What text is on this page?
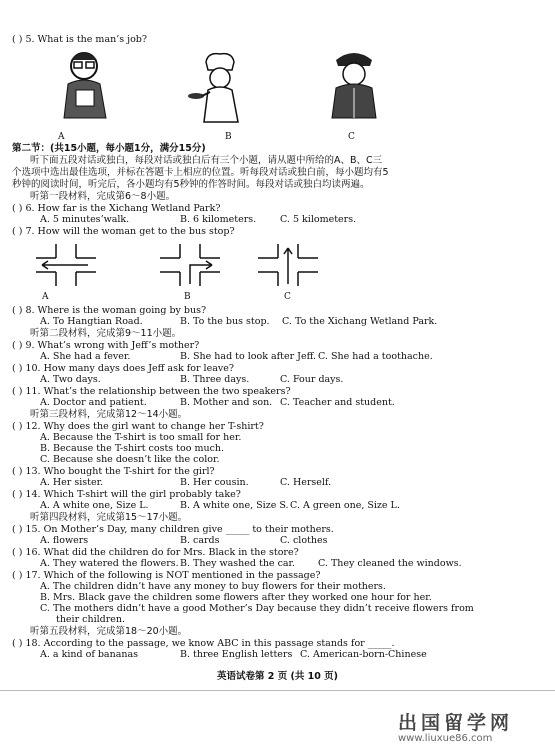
( ) 5. What is the man’s job?
A	B	C
第二节：(共15小题，每小题1分，满分15分)
听下面五段对话或独白，每段对话或独白后有三个小题，请从题中所给的A、B、C三
个选项中选出最佳选项，并标在答题卡上相应的位置。听每段对话或独白前，每小题均有5
秒钟的阅读时间，听完后，各小题均有5秒钟的作答时间。每段对话或独白均读两遍。
听第一段材料，完成第6～8小题。
( ) 6. How far is the Xichang Wetland Park?
A. 5 minutes’walk.	B. 6 kilometers.	C. 5 kilometers.
( ) 7. How will the woman get to the bus stop?
A	B	C
( ) 8. Where is the woman going by bus?
A. To Hangtian Road.	B. To the bus stop. C. To the Xichang Wetland Park.
听第二段材料，完成第9～11小题。
( ) 9. What’s wrong with Jeff’s mother?
A. She had a fever.	B. She had to look after Jeff. C. She had a toothache.
( ) 10. How many days does Jeff ask for leave?
A. Two days.	B. Three days.	C. Four days.
( ) 11. What’s the relationship between the two speakers?
A. Doctor and patient.	B. Mother and son. C. Teacher and student.
听第三段材料，完成第12～14小题。
( ) 12. Why does the girl want to change her T-shirt?
A. Because the T-shirt is too small for her.
B. Because the T-shirt costs too much.
C. Because she doesn’t like the color.
( ) 13. Who bought the T-shirt for the girl?
A. Her sister.	B. Her cousin.	C. Herself.
( ) 14. Which T-shirt will the girl probably take?
A. A white one, Size L.	B. A white one, Size S. C. A green one, Size L.
听第四段材料，完成第15～17小题。
( ) 15. On Mother’s Day, many children give _____ to their mothers.
A. flowers	B. cards	C. clothes
( ) 16. What did the children do for Mrs. Black in the store?
A. They watered the flowers. B. They washed the car. C. They cleaned the windows.
( ) 17. Which of the following is NOT mentioned in the passage?
A. The children didn’t have any money to buy flowers for their mothers.
B. Mrs. Black gave the children some flowers after they worked one hour for her.
C. The mothers didn’t have a good Mother’s Day because they didn’t receive flowers from
their children.
听第五段材料，完成第18～20小题。
( ) 18. According to the passage, we know ABC in this passage stands for _____.
A. a kind of bananas	B. three English letters C. American-born-Chinese
英语试卷第 2 页 (共 10 页)
出国留学网
www.liuxue86.com
